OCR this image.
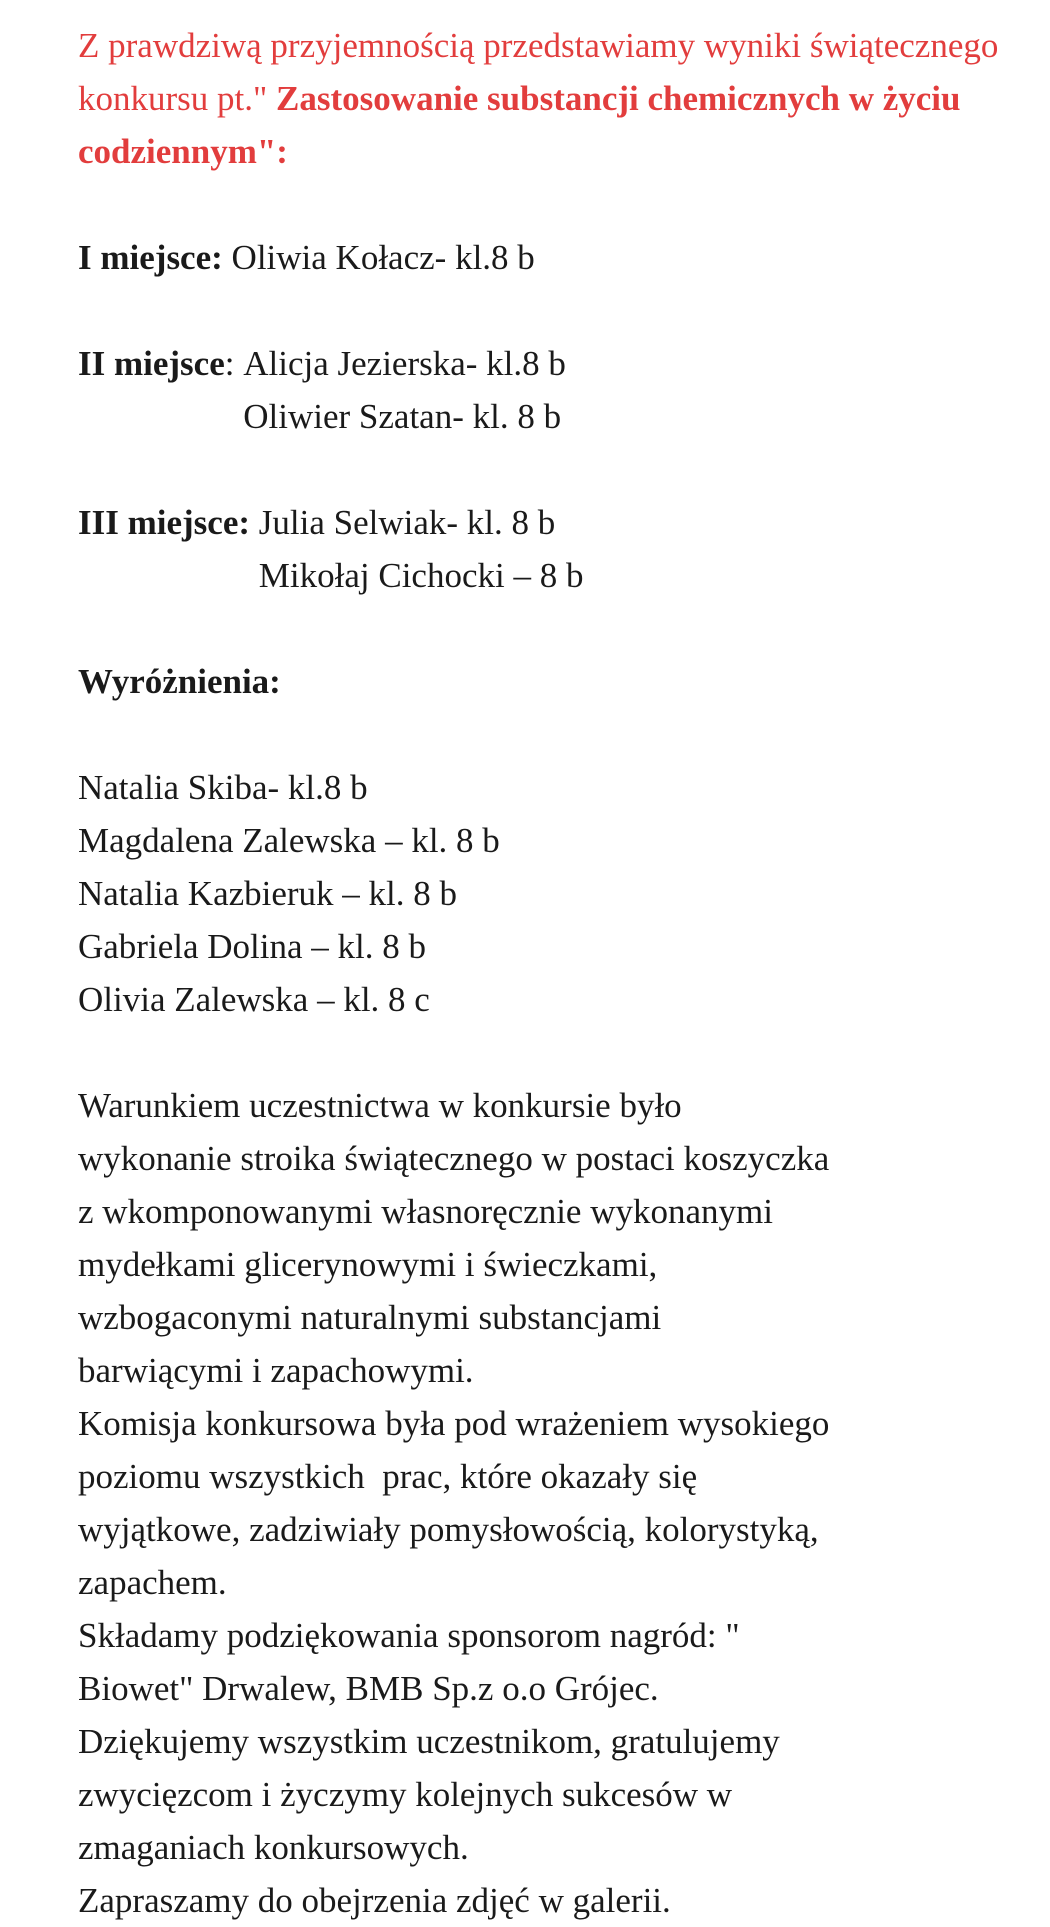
Z prawdziwą przyjemnością przedstawiamy wyniki świątecznego konkursu pt." Zastosowanie substancji chemicznych w życiu codziennym":

I miejsce: Oliwia Kołacz- kl.8 b
II miejsce: Alicja Jezierska- kl.8 b
Oliwier Szatan- kl. 8 b
III miejsce: Julia Selwiak- kl. 8 b
Mikołaj Cichocki – 8 b
Wyróżnienia:
Natalia Skiba- kl.8 b
Magdalena Zalewska – kl. 8 b
Natalia Kazbieruk – kl. 8 b
Gabriela Dolina – kl. 8 b
Olivia Zalewska – kl. 8 c
Warunkiem uczestnictwa w konkursie było
wykonanie stroika świątecznego w postaci koszyczka
z wkomponowanymi własnoręcznie wykonanymi
mydełkami glicerynowymi i świeczkami,
wzbogaconymi naturalnymi substancjami
barwiącymi i zapachowymi.
Komisja konkursowa była pod wrażeniem wysokiego
poziomu wszystkich  prac, które okazały się
wyjątkowe, zadziwiały pomysłowością, kolorystyką,
zapachem.
Składamy podziękowania sponsorom nagród: "
Biowet" Drwalew, BMB Sp.z o.o Grójec.
Dziękujemy wszystkim uczestnikom, gratulujemy
zwycięzcom i życzymy kolejnych sukcesów w
zmaganiach konkursowych.
Zapraszamy do obejrzenia zdjęć w galerii.
